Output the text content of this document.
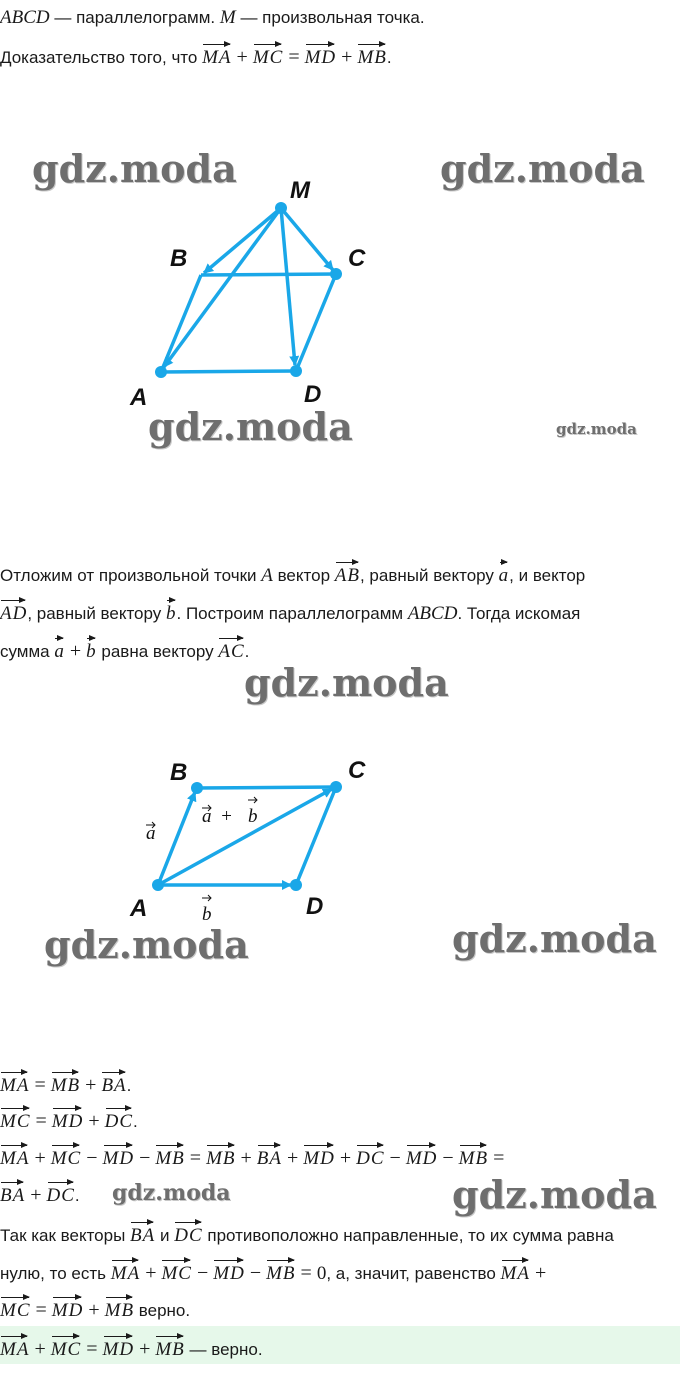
ABCD — параллелограмм. M — произвольная точка.
Доказательство того, что MA + MC = MD + MB.
gdz.moda	gdz.moda
gdz.moda	gdz.moda
M
B	C
A	D
Отложим от произвольной точки A вектор AB, равный вектору a, и вектор
AD, равный вектору b. Построим параллелограмм ABCD. Тогда искомая
сумма a + b равна вектору AC.
gdz.moda
gdz.moda	gdz.moda
B	C
A	D
a
a + b
b
MA = MB + BA.
MC = MD + DC.
MA + MC − MD − MB = MB + BA + MD + DC − MD − MB =
BA + DC.	gdz.moda	gdz.moda
Так как векторы BA и DC противоположно направленные, то их сумма равна
нулю, то есть MA + MC − MD − MB = 0, а, значит, равенство MA +
MC = MD + MB верно.
MA + MC = MD + MB — верно.
